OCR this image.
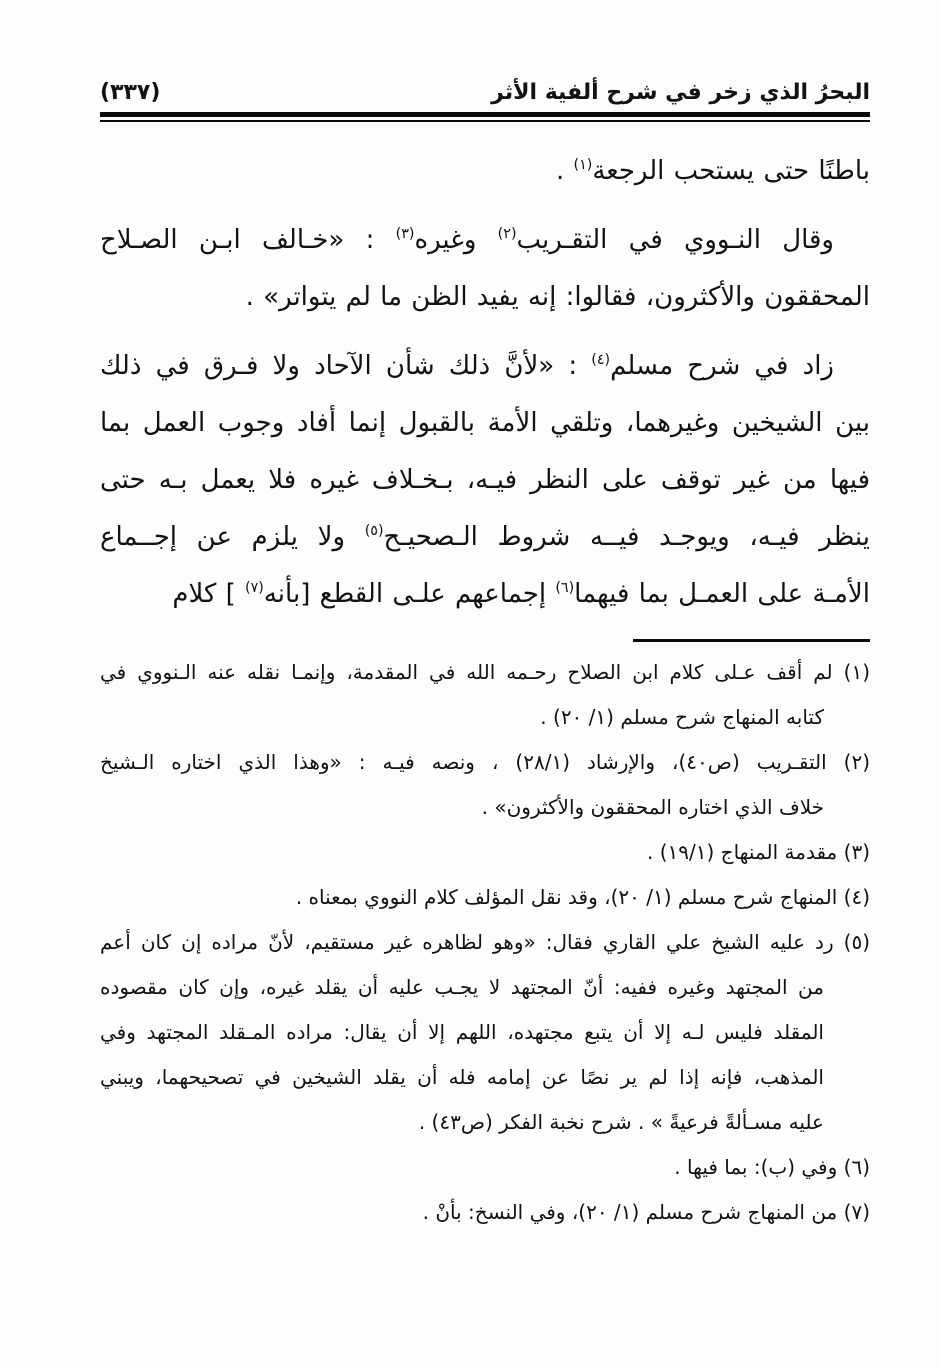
البحرُ الذي زخر في شرح ألفية الأثر
(٣٣٧)
باطنًا حتى يستحب الرجعة$^{(١)}$ .
وقال النـووي في التقـريب$^{(٢)}$ وغيره$^{(٣)}$ : «خـالف ابـن الصـلاح
المحققون والأكثرون، فقالوا: إنه يفيد الظن ما لم يتواتر» .
زاد في شرح مسلم$^{(٤)}$ : «لأنَّ ذلك شأن الآحاد ولا فـرق في ذلك
بين الشيخين وغيرهما، وتلقي الأمة بالقبول إنما أفاد وجوب العمل بما
فيها من غير توقف على النظر فيـه، بـخـلاف غيره فلا يعمل بـه حتى
ينظر فيـه، ويوجـد فيــه شروط الـصحيـح$^{(٥)}$ ولا يلزم عن إجــماع
الأمـة على العمـل بما فيهما$^{(٦)}$ إجماعهم علـى القطع [بأنه$^{(٧)}$ ] كلام
(١) لم أقف عـلى كلام ابن الصلاح رحـمه الله في المقدمة، وإنمـا نقله عنه الـنووي في
كتابه المنهاج شرح مسلم (١/ ٢٠) .
(٢) التقـريب (ص٤٠)، والإرشاد (٢٨/١) ، ونصه فيـه : «وهذا الذي اختاره الـشيخ
خلاف الذي اختاره المحققون والأكثرون» .
(٣) مقدمة المنهاج (١٩/١) .
(٤) المنهاج شرح مسلم (١/ ٢٠)، وقد نقل المؤلف كلام النووي بمعناه .
(٥) رد عليه الشيخ علي القاري فقال: «وهو لظاهره غير مستقيم، لأنّ مراده إن كان أعم
من المجتهد وغيره ففيه: أنّ المجتهد لا يجـب عليه أن يقلد غيره، وإن كان مقصوده
المقلد فليس لـه إلا أن يتبع مجتهده، اللهم إلا أن يقال: مراده المـقلد المجتهد وفي
المذهب، فإنه إذا لم ير نصًا عن إمامه فله أن يقلد الشيخين في تصحيحهما، ويبني
عليه مسـألةً فرعيةً » . شرح نخبة الفكر (ص٤٣) .
(٦) وفي (ب): بما فيها .
(٧) من المنهاج شرح مسلم (١/ ٢٠)، وفي النسخ: بأنْ .
